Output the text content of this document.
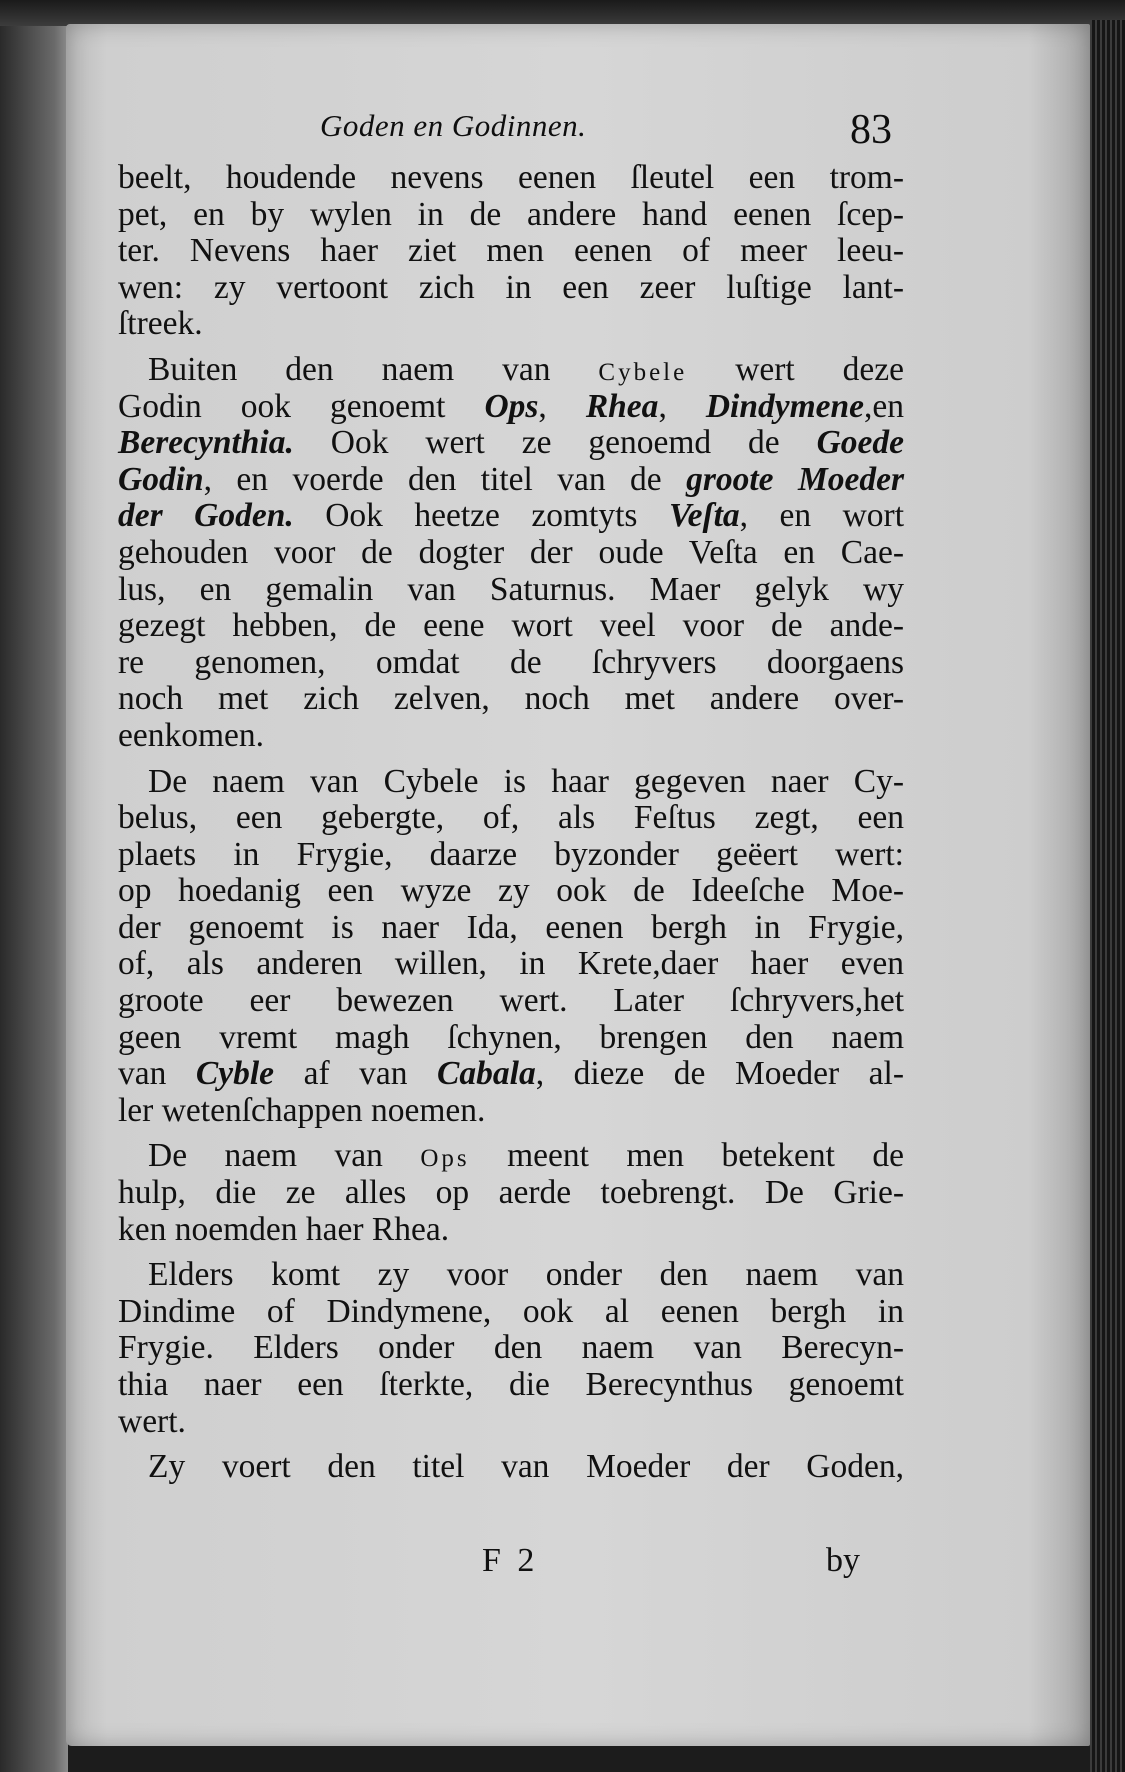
Goden en Godinnen.	83
beelt, houdende nevens eenen ſleutel een trom-
pet, en by wylen in de andere hand eenen ſcep-
ter. Nevens haer ziet men eenen of meer leeu-
wen: zy vertoont zich in een zeer luſtige lant-
ſtreek.
Buiten den naem van Cybele wert deze
Godin ook genoemt Ops, Rhea, Dindymene,en
Berecynthia. Ook wert ze genoemd de Goede
Godin, en voerde den titel van de groote Moeder
der Goden. Ook heetze zomtyts Veſta, en wort
gehouden voor de dogter der oude Veſta en Cae-
lus, en gemalin van Saturnus. Maer gelyk wy
gezegt hebben, de eene wort veel voor de ande-
re genomen, omdat de ſchryvers doorgaens
noch met zich zelven, noch met andere over-
eenkomen.
De naem van Cybele is haar gegeven naer Cy-
belus, een gebergte, of, als Feſtus zegt, een
plaets in Frygie, daarze byzonder geëert wert:
op hoedanig een wyze zy ook de Ideeſche Moe-
der genoemt is naer Ida, eenen bergh in Frygie,
of, als anderen willen, in Krete,daer haer even
groote eer bewezen wert. Later ſchryvers,het
geen vremt magh ſchynen, brengen den naem
van Cyble af van Cabala, dieze de Moeder al-
ler wetenſchappen noemen.
De naem van Ops meent men betekent de
hulp, die ze alles op aerde toebrengt. De Grie-
ken noemden haer Rhea.
Elders komt zy voor onder den naem van
Dindime of Dindymene, ook al eenen bergh in
Frygie. Elders onder den naem van Berecyn-
thia naer een ſterkte, die Berecynthus genoemt
wert.
Zy voert den titel van Moeder der Goden,
F 2	by
